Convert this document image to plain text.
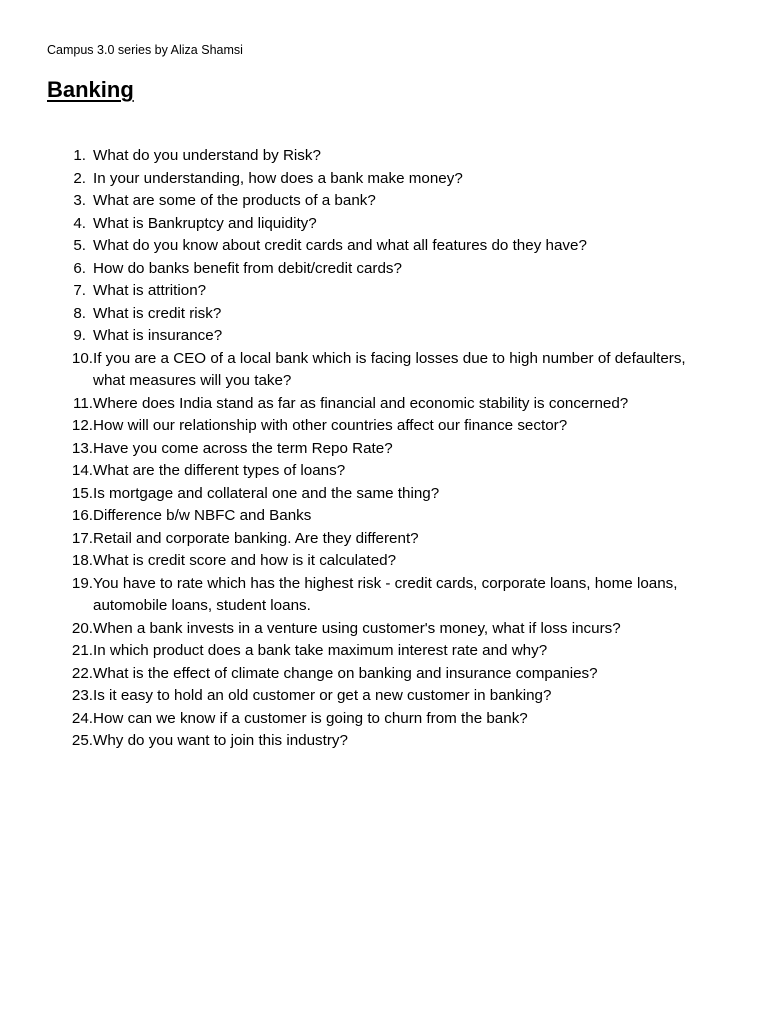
Campus 3.0 series by Aliza Shamsi
Banking
1. What do you understand by Risk?
2. In your understanding, how does a bank make money?
3. What are some of the products of a bank?
4. What is Bankruptcy and liquidity?
5. What do you know about credit cards and what all features do they have?
6. How do banks benefit from debit/credit cards?
7. What is attrition?
8. What is credit risk?
9. What is insurance?
10. If you are a CEO of a local bank which is facing losses due to high number of defaulters, what measures will you take?
11. Where does India stand as far as financial and economic stability is concerned?
12. How will our relationship with other countries affect our finance sector?
13. Have you come across the term Repo Rate?
14. What are the different types of loans?
15. Is mortgage and collateral one and the same thing?
16. Difference b/w NBFC and Banks
17. Retail and corporate banking. Are they different?
18. What is credit score and how is it calculated?
19. You have to rate which has the highest risk - credit cards, corporate loans, home loans, automobile loans, student loans.
20. When a bank invests in a venture using customer's money, what if loss incurs?
21. In which product does a bank take maximum interest rate and why?
22. What is the effect of climate change on banking and insurance companies?
23. Is it easy to hold an old customer or get a new customer in banking?
24. How can we know if a customer is going to churn from the bank?
25. Why do you want to join this industry?
